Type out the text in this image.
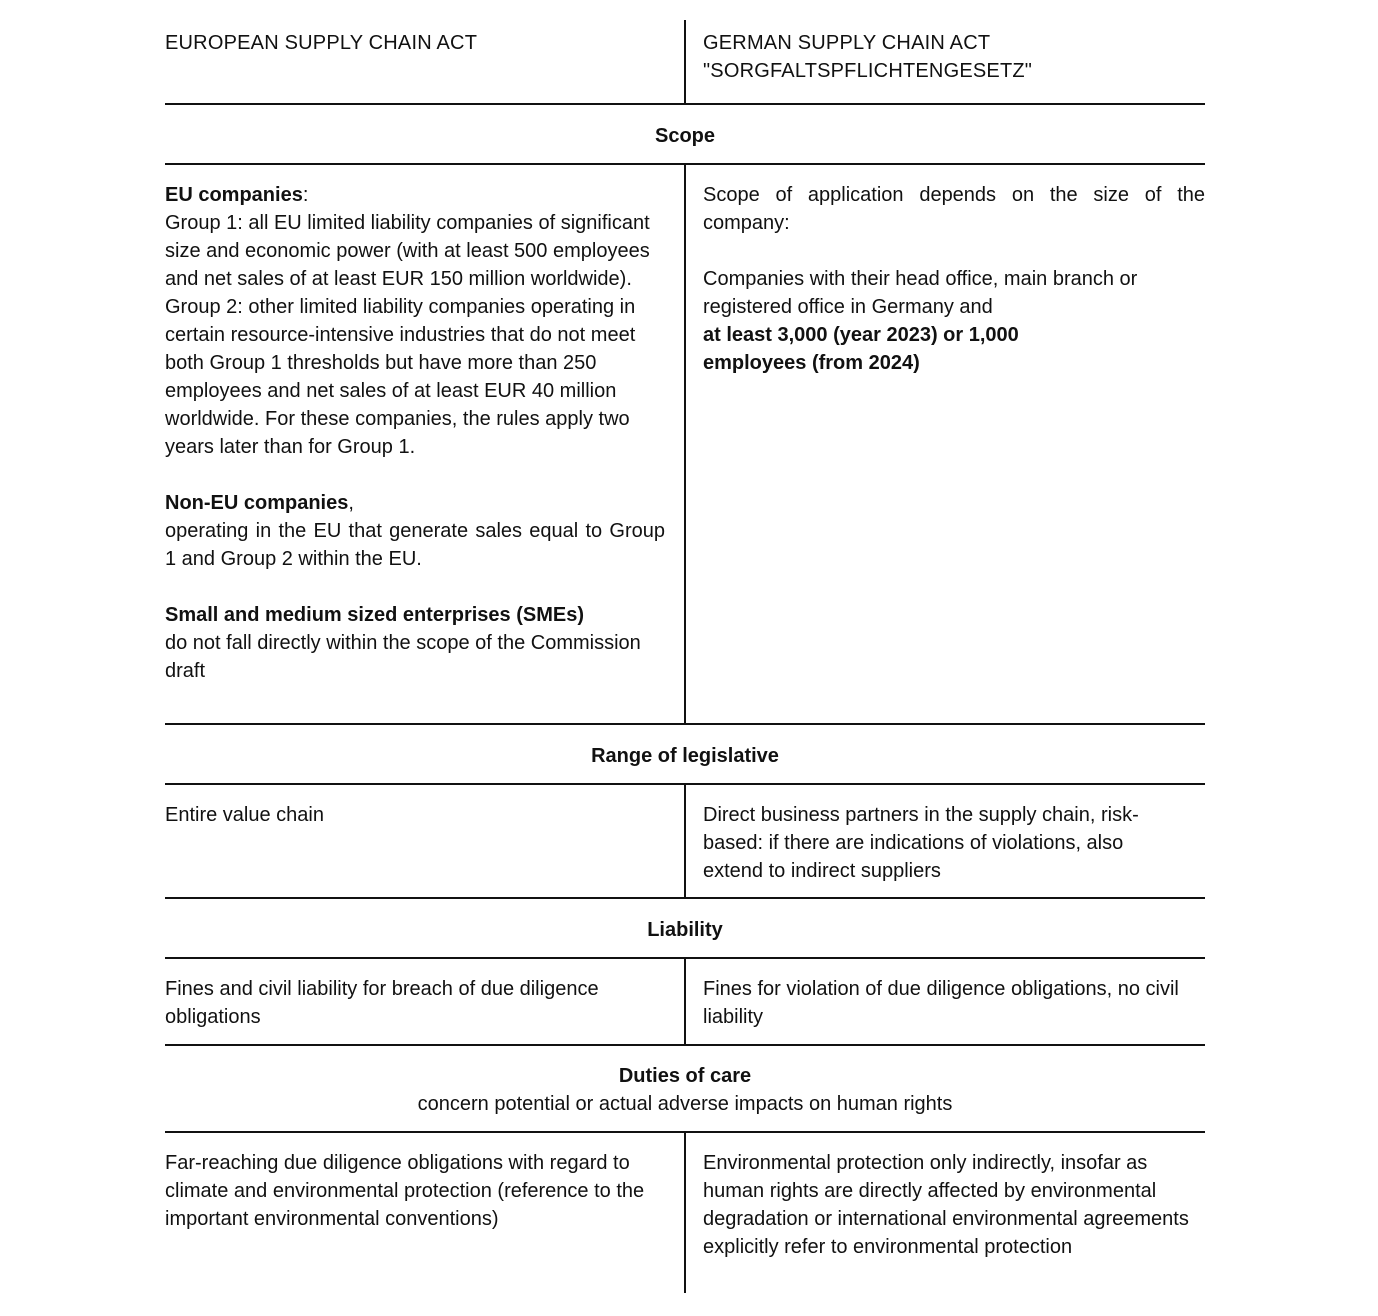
EUROPEAN SUPPLY CHAIN ACT	GERMAN SUPPLY CHAIN ACT
"SORGFALTSPFLICHTENGESETZ"
Scope

EU companies:

Group 1: all EU limited liability companies of significant size and economic power (with at least 500 employees and net sales of at least EUR 150 million worldwide).

Group 2: other limited liability companies operating in certain resource-intensive industries that do not meet both Group 1 thresholds but have more than 250 employees and net sales of at least EUR 40 million worldwide. For these companies, the rules apply two years later than for Group 1.

Non-EU companies,

operating in the EU that generate sales equal to Group 1 and Group 2 within the EU.

Small and medium sized enterprises (SMEs)

do not fall directly within the scope of the Commission draft

Scope of application depends on the size of the company:

Companies with their head office, main branch or registered office in Germany and

at least 3,000 (year 2023) or 1,000 employees (from 2024)

Range of legislative
Entire value chain	Direct business partners in the supply chain, risk-based: if there are indications of violations, also extend to indirect suppliers
Liability
Fines and civil liability for breach of due diligence obligations
Fines for violation of due diligence obligations, no civil liability
Duties of care
concern potential or actual adverse impacts on human rights
Far-reaching due diligence obligations with regard to climate and environmental protection (reference to the important environmental conventions)
Environmental protection only indirectly, insofar as human rights are directly affected by environmental degradation or international environmental agreements explicitly refer to environmental protection
